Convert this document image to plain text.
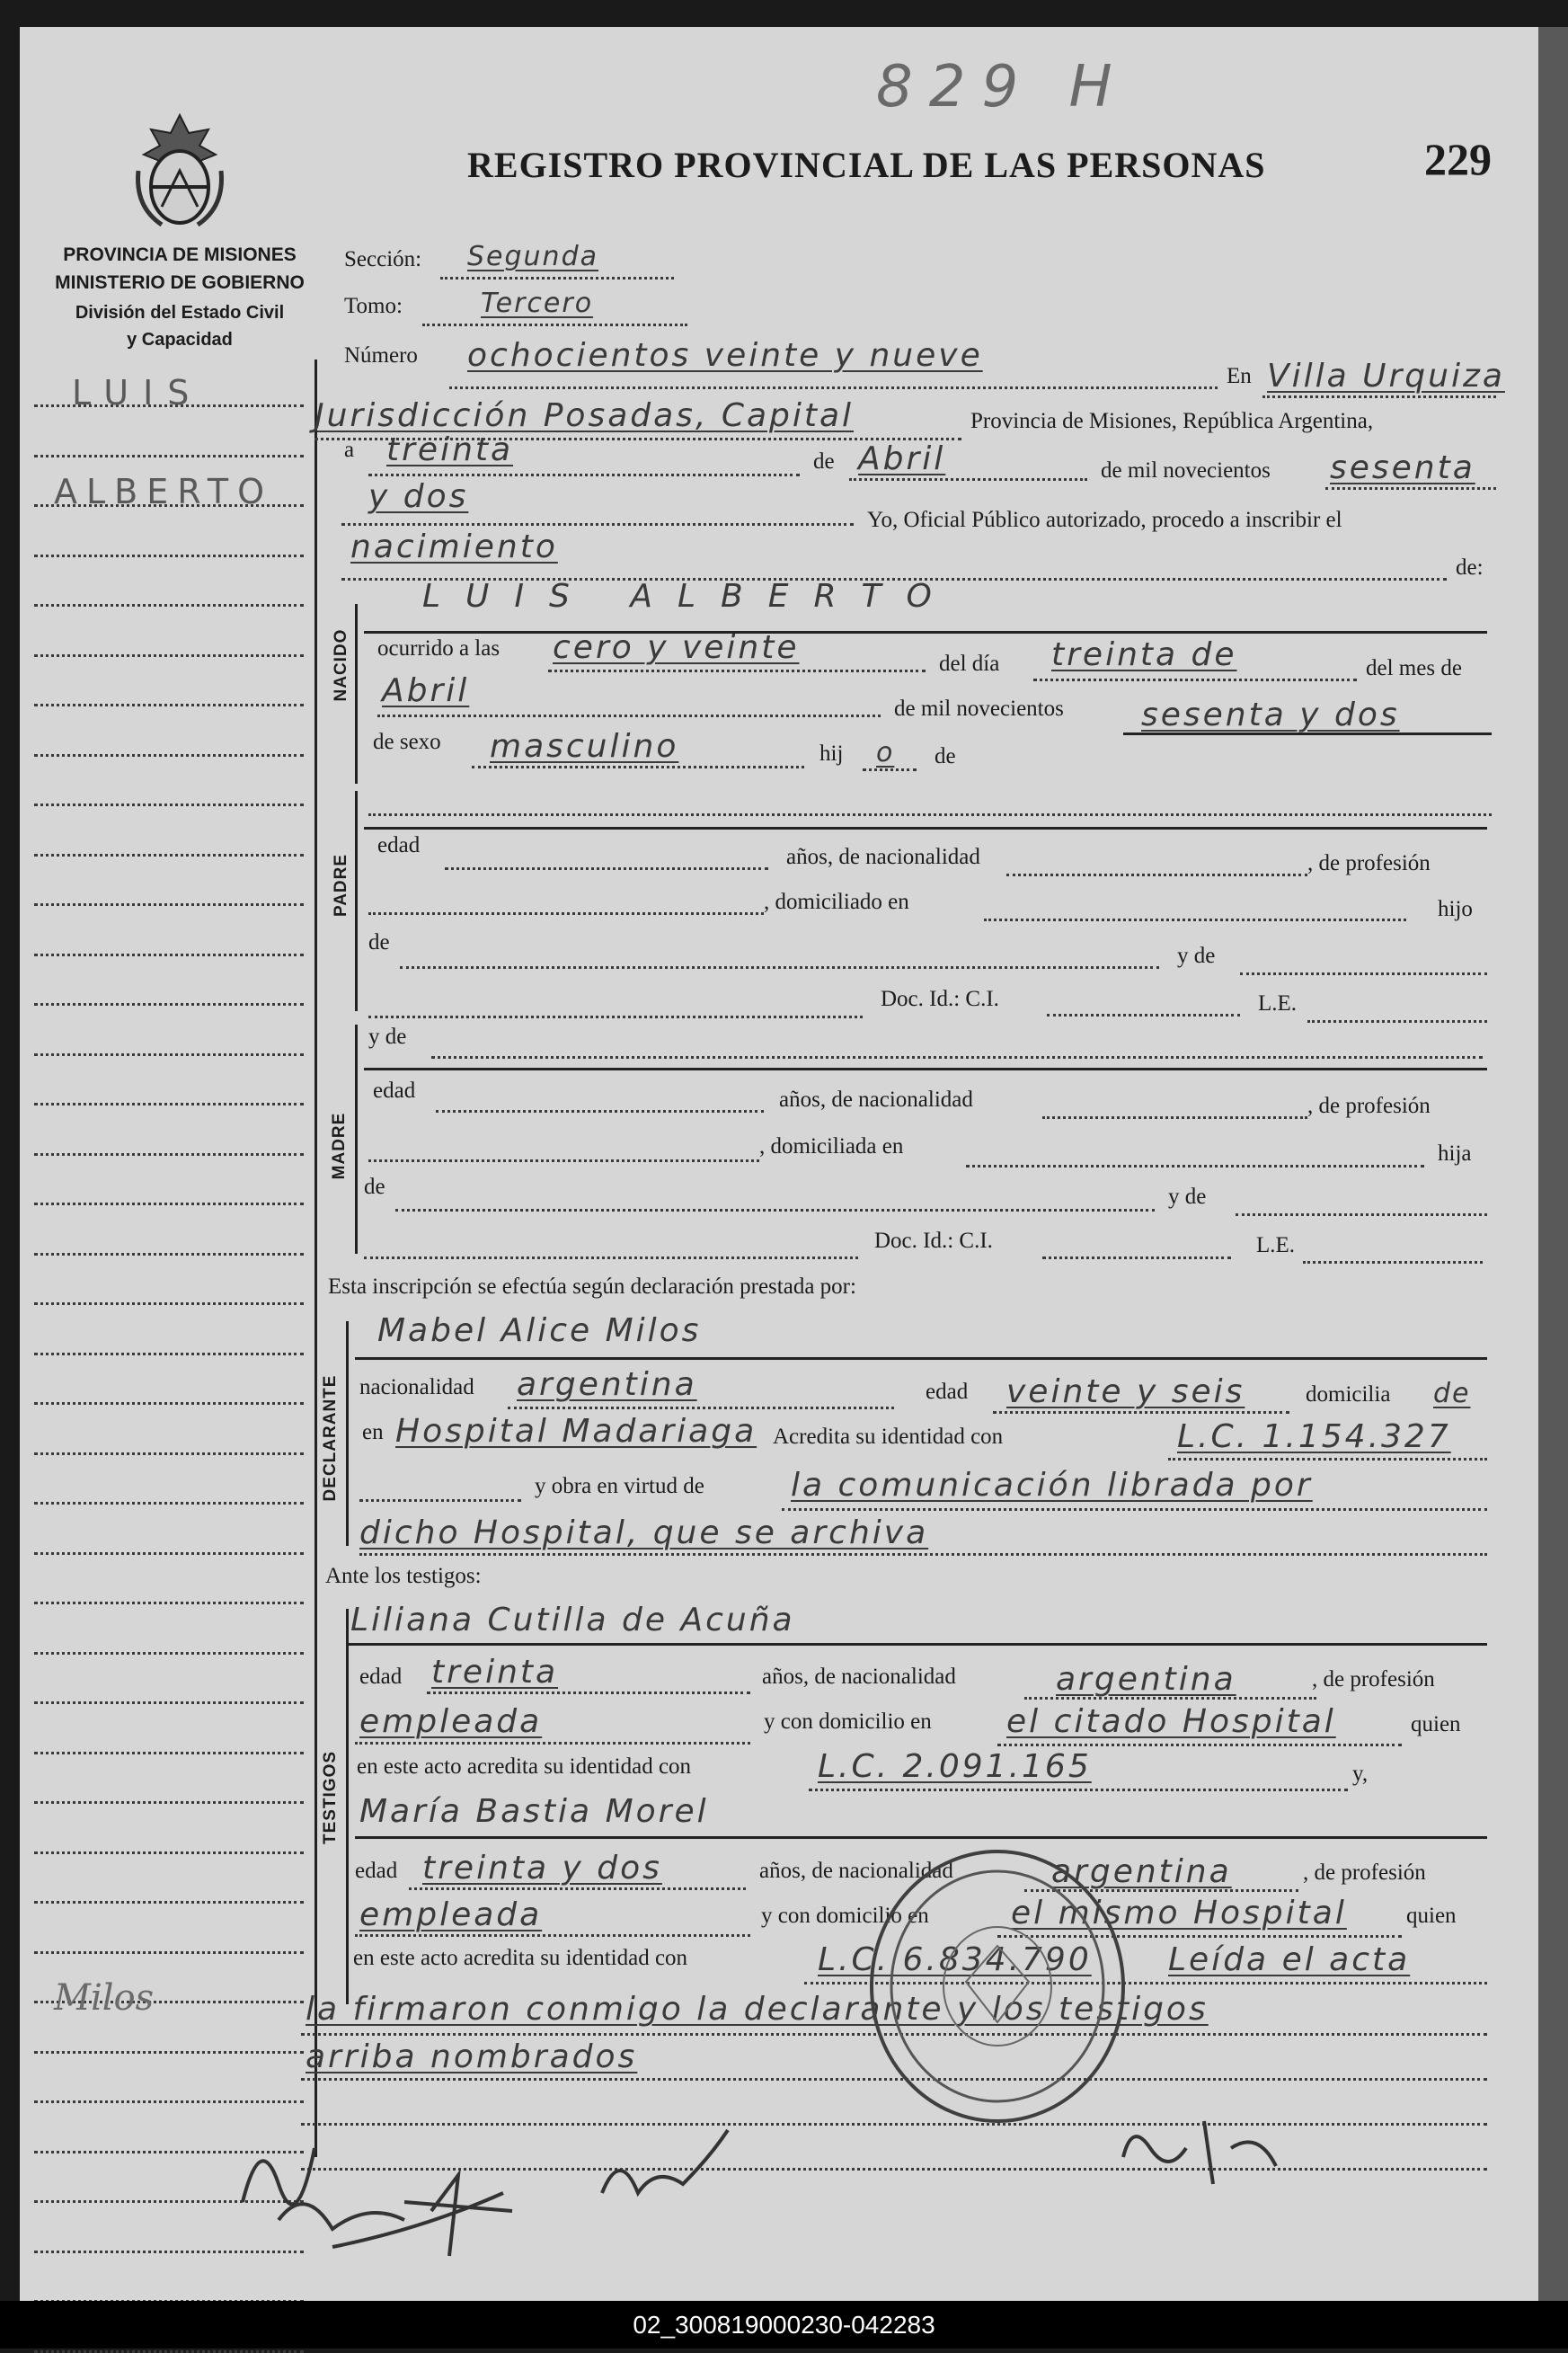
829 H
REGISTRO PROVINCIAL DE LAS PERSONAS	229
PROVINCIA DE MISIONES
MINISTERIO DE GOBIERNO
División del Estado Civil
y Capacidad
LUIS
ALBERTO
Milos
Sección: Segunda
Tomo:	Tercero
Número ochocientos veinte y nueve
En Villa Urquiza
Jurisdicción Posadas, Capital	Provincia de Misiones, República Argentina,
a treinta	de Abril	de mil novecientos sesenta
y dos
Yo, Oficial Público autorizado, procedo a inscribir el
nacimiento
de:
NACIDO
LUIS ALBERTO
ocurrido a las cero y veinte	del día treinta de	del mes de
Abril	de mil novecientos sesenta y dos
de sexo masculino	hij o de
PADRE
edad	años, de nacionalidad	, de profesión
, domiciliado en	hijo
de
y de
Doc. Id.: C.I.	L.E.
MADRE
y de
edad	años, de nacionalidad	, de profesión
, domiciliada en	hija
de	y de
Doc. Id.: C.I.	L.E.
Esta inscripción se efectúa según declaración prestada por:
DECLARANTE
Mabel Alice Milos
nacionalidad argentina	edad veinte y seis	domicilia de
en Hospital Madariaga Acredita su identidad con	L.C. 1.154.327
y obra en virtud de	la comunicación librada por
dicho Hospital, que se archiva
Ante los testigos:
TESTIGOS
Liliana Cutilla de Acuña
edad treinta	años, de nacionalidad	argentina	, de profesión
empleada	y con domicilio en el citado Hospital	quien
en este acto acredita su identidad con	L.C. 2.091.165	y,
María Bastia Morel
edad treinta y dos	años, de nacionalidad	argentina	, de profesión
empleada	y con domicilio en	el mismo Hospital	quien
en este acto acredita su identidad con	L.C. 6.834.790 Leída el acta
la firmaron conmigo la declarante y los testigos
arriba nombrados
02_300819000230-042283
